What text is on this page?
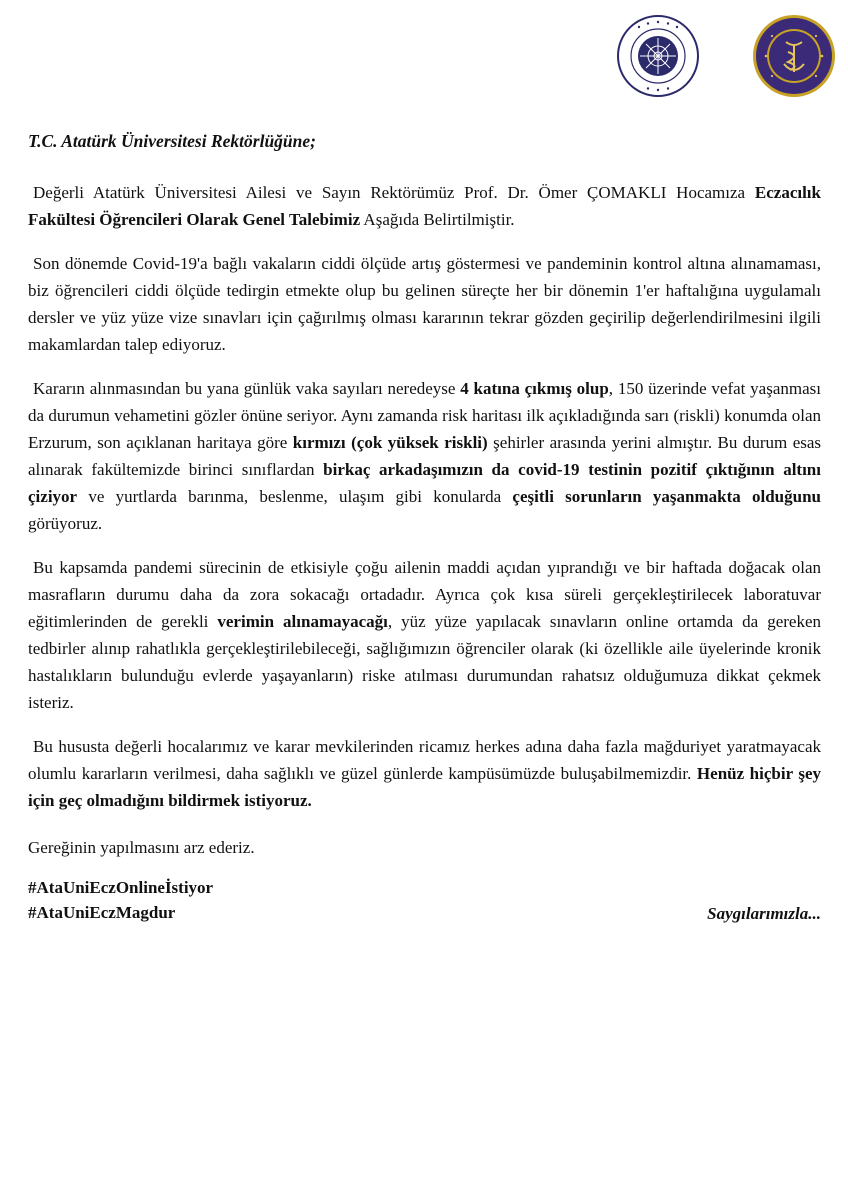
T.C. Atatürk Üniversitesi Rektörlüğüne;

Değerli Atatürk Üniversitesi Ailesi ve Sayın Rektörümüz Prof. Dr. Ömer ÇOMAKLI Hocamıza Eczacılık Fakültesi Öğrencileri Olarak Genel Talebimiz Aşağıda Belirtilmiştir.

Son dönemde Covid-19'a bağlı vakaların ciddi ölçüde artış göstermesi ve pandeminin kontrol altına alınamaması, biz öğrencileri ciddi ölçüde tedirgin etmekte olup bu gelinen süreçte her bir dönemin 1'er haftalığına uygulamalı dersler ve yüz yüze vize sınavları için çağırılmış olması kararının tekrar gözden geçirilip değerlendirilmesini ilgili makamlardan talep ediyoruz.

Kararın alınmasından bu yana günlük vaka sayıları neredeyse 4 katına çıkmış olup, 150 üzerinde vefat yaşanması da durumun vehametini gözler önüne seriyor. Aynı zamanda risk haritası ilk açıkladığında sarı (riskli) konumda olan Erzurum, son açıklanan haritaya göre kırmızı (çok yüksek riskli) şehirler arasında yerini almıştır. Bu durum esas alınarak fakültemizde birinci sınıflardan birkaç arkadaşımızın da covid-19 testinin pozitif çıktığının altını çiziyor ve yurtlarda barınma, beslenme, ulaşım gibi konularda çeşitli sorunların yaşanmakta olduğunu görüyoruz.

Bu kapsamda pandemi sürecinin de etkisiyle çoğu ailenin maddi açıdan yıprandığı ve bir haftada doğacak olan masrafların durumu daha da zora sokacağı ortadadır. Ayrıca çok kısa süreli gerçekleştirilecek laboratuvar eğitimlerinden de gerekli verimin alınamayacağı, yüz yüze yapılacak sınavların online ortamda da gereken tedbirler alınıp rahatlıkla gerçekleştirilebileceği, sağlığımızın öğrenciler olarak (ki özellikle aile üyelerinde kronik hastalıkların bulunduğu evlerde yaşayanların) riske atılması durumundan rahatsız olduğumuza dikkat çekmek isteriz.

Bu hususta değerli hocalarımız ve karar mevkilerinden ricamız herkes adına daha fazla mağduriyet yaratmayacak olumlu kararların verilmesi, daha sağlıklı ve güzel günlerde kampüsümüzde buluşabilmemizdir. Henüz hiçbir şey için geç olmadığını bildirmek istiyoruz.

Gereğinin yapılmasını arz ederiz.

#AtaUniEczOnlineİstiyor
#AtaUniEczMagdur	Saygılarımızla...
